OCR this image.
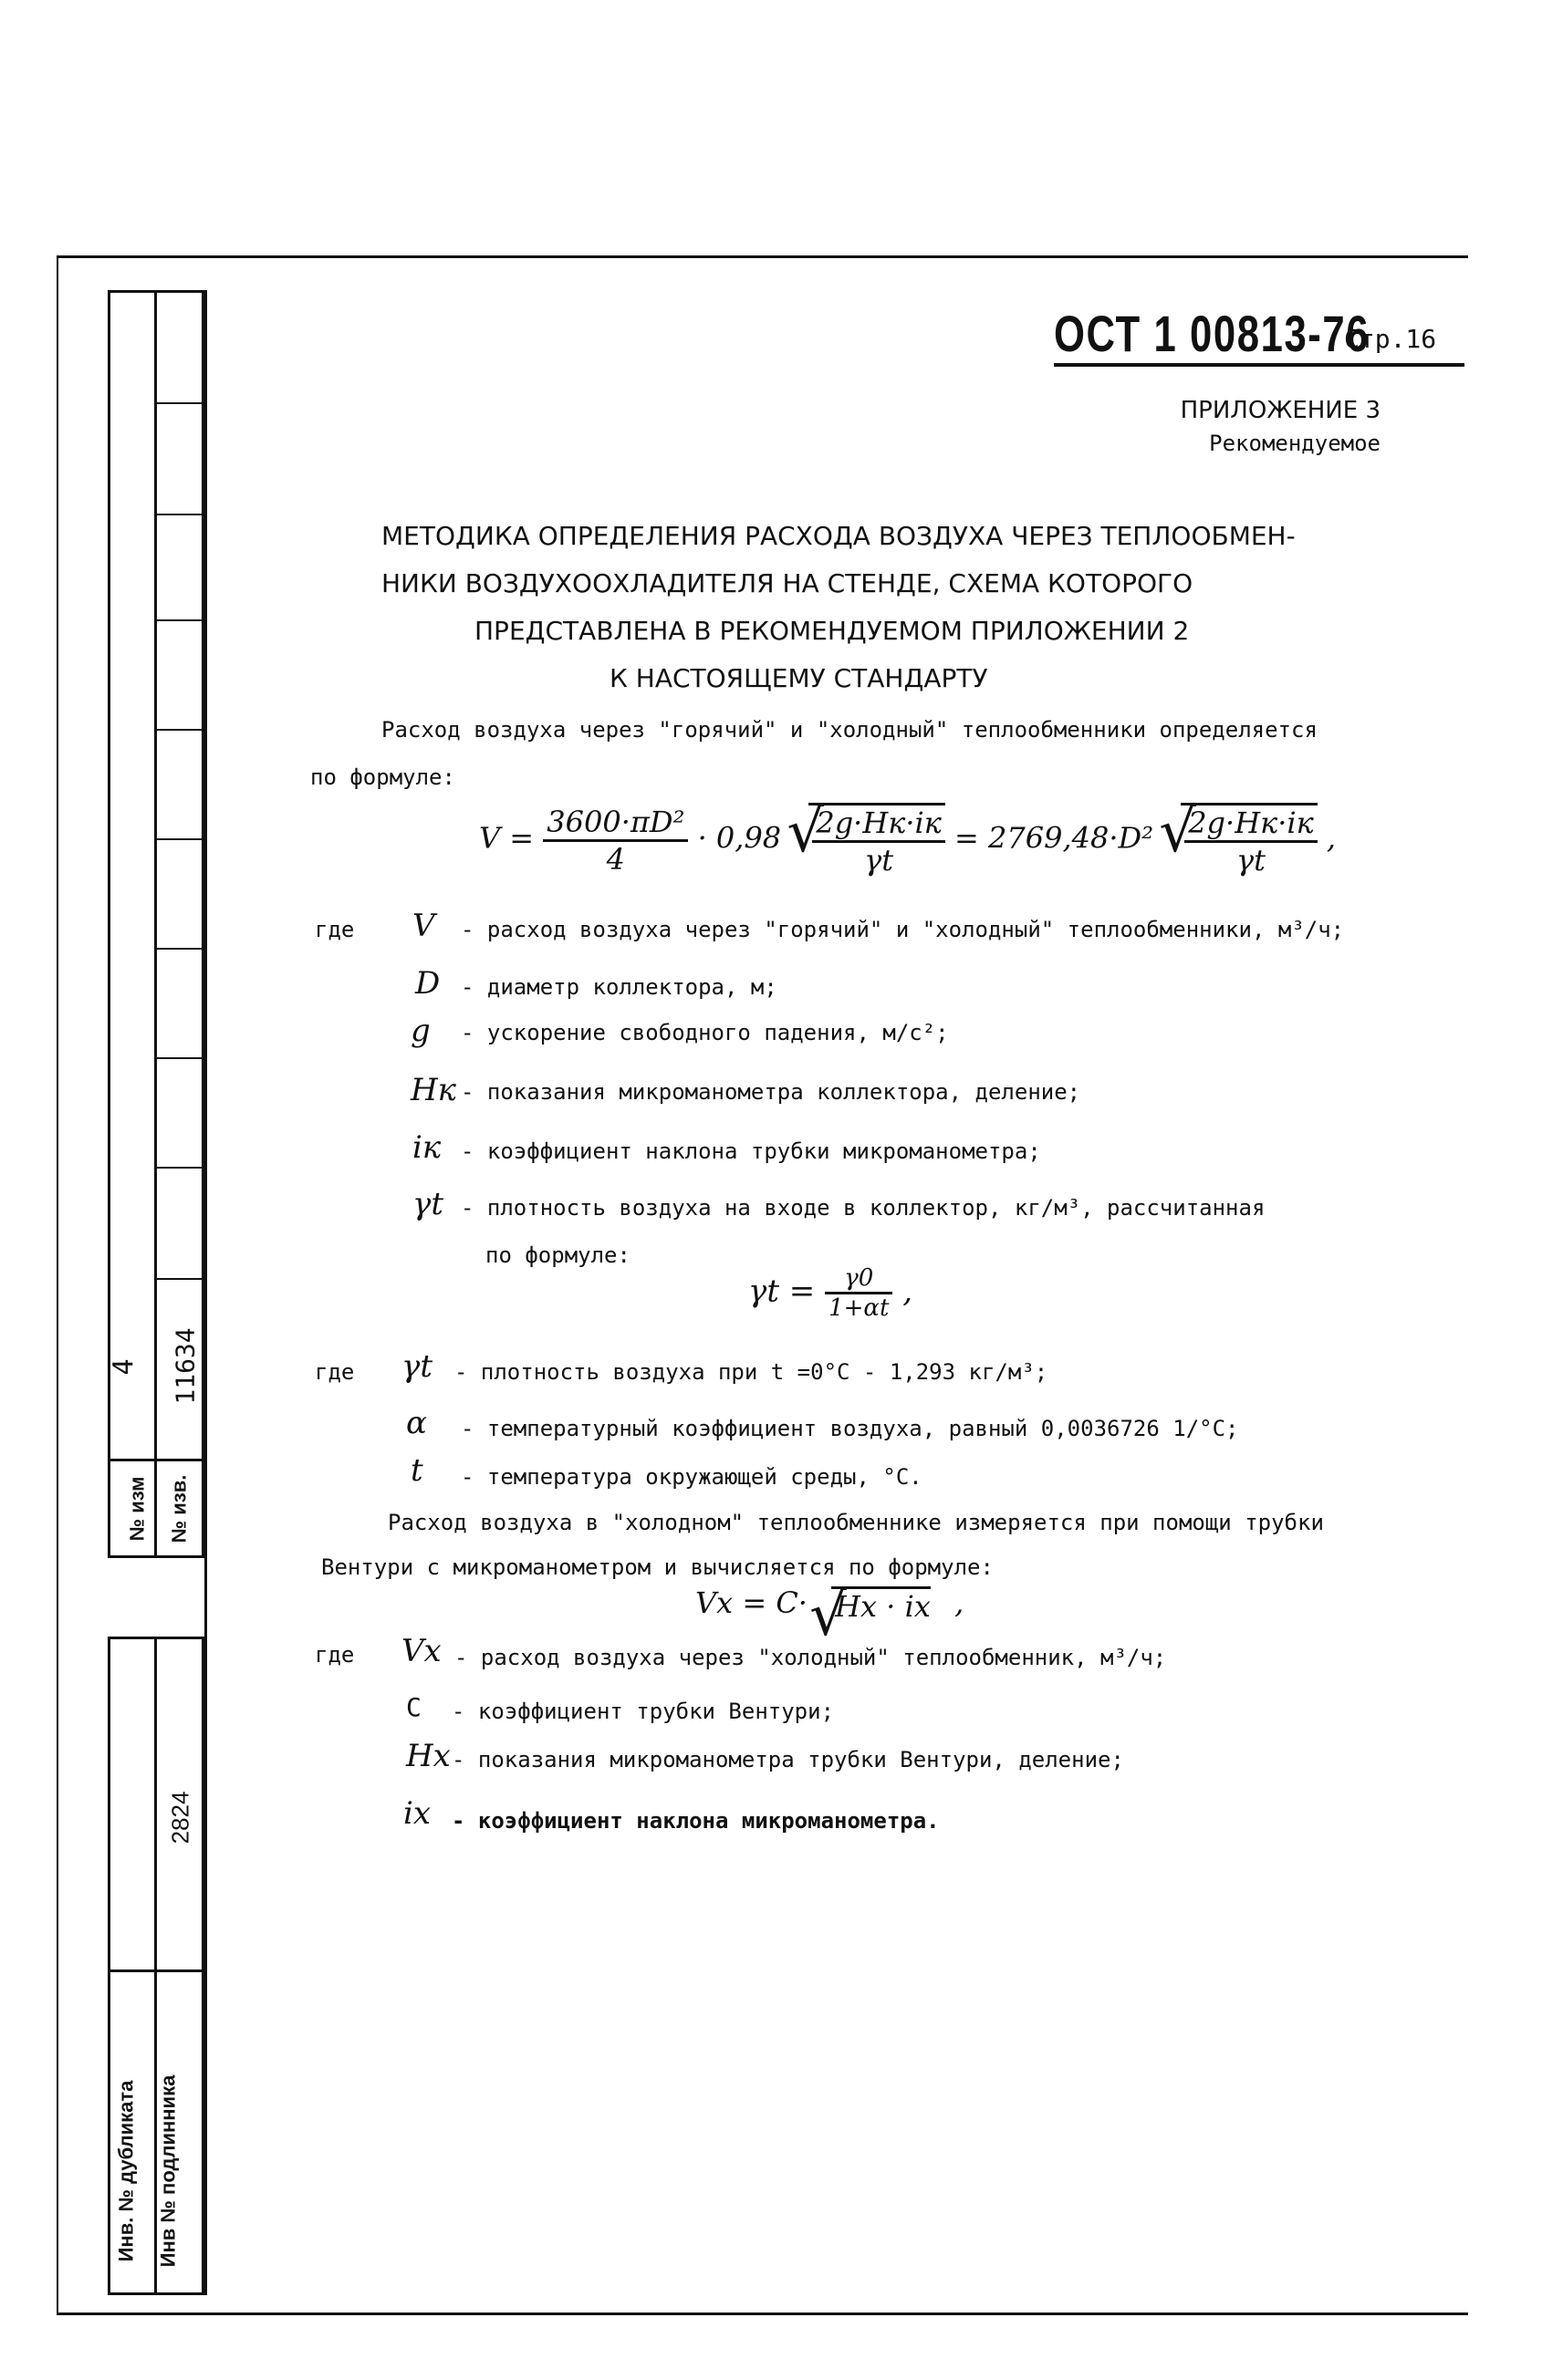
4 11634
№ изм № изв.
2824
Инв. № дубликата Инв № подлинника
ОСТ 1 00813-76
Стр.16
ПРИЛОЖЕНИЕ 3
Рекомендуемое
МЕТОДИКА ОПРЕДЕЛЕНИЯ РАСХОДА ВОЗДУХА ЧЕРЕЗ ТЕПЛООБМЕН-
НИКИ ВОЗДУХООХЛАДИТЕЛЯ НА СТЕНДЕ, СХЕМА КОТОРОГО
ПРЕДСТАВЛЕНА В РЕКОМЕНДУЕМОМ ПРИЛОЖЕНИИ 2
К НАСТОЯЩЕМУ СТАНДАРТУ
Расход воздуха через "горячий" и "холодный" теплообменники определяется
по формуле:
$V = \frac{\text{3600·πD²}}{4} \cdot 0,98$ √ $\frac{2g\cdot Hк\cdot iк}{\gamma t} = 2769,48\cdot D^2$ √ $\frac{2g\cdot Hк\cdot iк}{\gamma t}$ ,
где V - расход воздуха через "горячий" и "холодный" теплообменники, м³/ч;
D - диаметр коллектора, м;
g - ускорение свободного падения, м/с²;
Hк - показания микроманометра коллектора, деление;
iк - коэффициент наклона трубки микроманометра;
γt - плотность воздуха на входе в коллектор, кг/м³, рассчитанная
по формуле:
$\gamma t = \frac{\gamma 0}{1+\alpha t}$ ,
где γt - плотность воздуха при t =0°C - 1,293 кг/м³;
α - температурный коэффициент воздуха, равный 0,0036726 1/°C;
t - температура окружающей среды, °C.
Расход воздуха в "холодном" теплообменнике измеряется при помощи трубки
Вентури с микроманометром и вычисляется по формуле:
Vx = C· √ Hx · ix ,
где Vx - расход воздуха через "холодный" теплообменник, м³/ч;
C - коэффициент трубки Вентури;
Hx - показания микроманометра трубки Вентури, деление;
ix - коэффициент наклона микроманометра.
